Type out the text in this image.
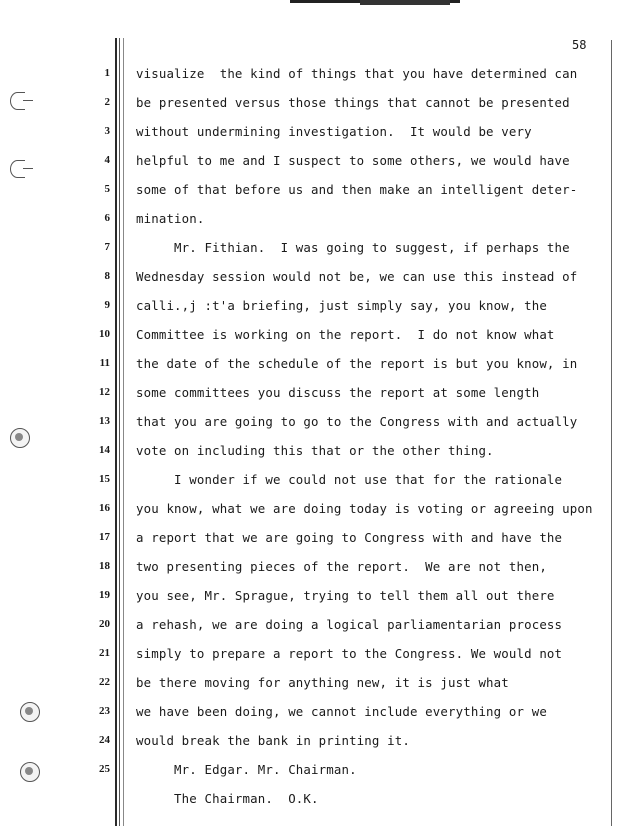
58
1 visualize  the kind of things that you have determined can
2 be presented versus those things that cannot be presented
3 without undermining investigation.  It would be very
4 helpful to me and I suspect to some others, we would have
5 some of that before us and then make an intelligent deter-
6 mination.
7 Mr. Fithian.  I was going to suggest, if perhaps the
8 Wednesday session would not be, we can use this instead of
9 calli.,j :t'a briefing, just simply say, you know, the
10 Committee is working on the report.  I do not know what
11 the date of the schedule of the report is but you know, in
12 some committees you discuss the report at some length
13 that you are going to go to the Congress with and actually
14 vote on including this that or the other thing.
15 I wonder if we could not use that for the rationale
16 you know, what we are doing today is voting or agreeing upon
17 a report that we are going to Congress with and have the
18 two presenting pieces of the report.  We are not then,
19 you see, Mr. Sprague, trying to tell them all out there
20 a rehash, we are doing a logical parliamentarian process
21 simply to prepare a report to the Congress. We would not
22 be there moving for anything new, it is just what
23 we have been doing, we cannot include everything or we
24 would break the bank in printing it.
25 Mr. Edgar. Mr. Chairman.
The Chairman.  O.K.
